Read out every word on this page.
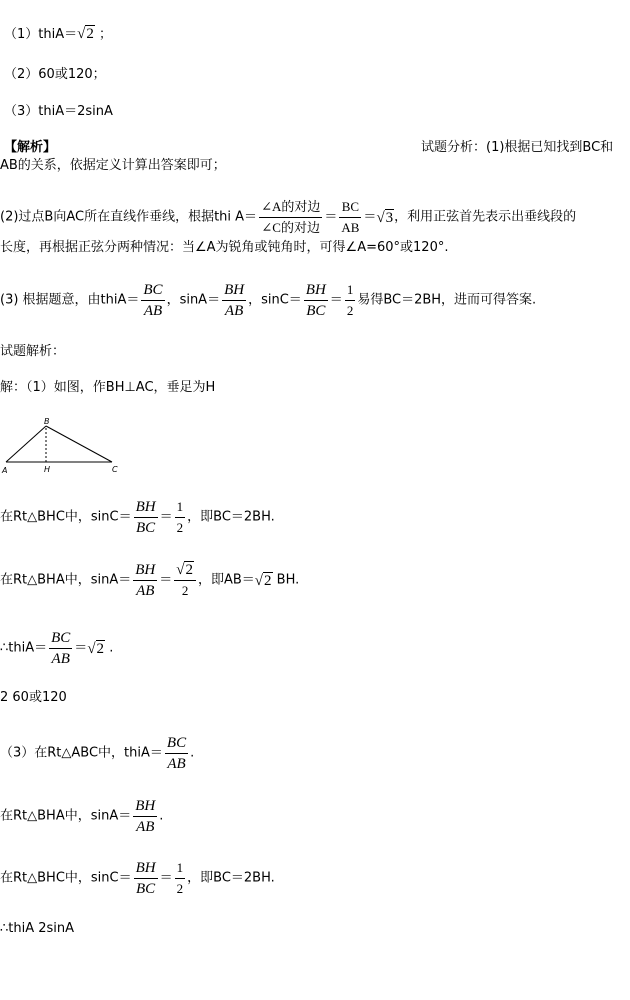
（1）thiA＝√2 ；
（2）60或120；
（3）thiA＝2sinA
【解析】	试题分析：(1)根据已知找到BC和
AB的关系，依据定义计算出答案即可；
(2)过点B向AC所在直线作垂线，根据thi $A= \frac{\text{∠A的对边}}{\text{∠C的对边}} = \frac{BC}{AB} =√3$，利用正弦首先表示出垂线段的
长度，再根据正弦分两种情况：当∠A为锐角或钝角时，可得∠A=60°或120°.
(3) 根据题意，由thiA＝ $\frac{BC}{AB}$ ，$\sin A= \frac{BH}{AB}$ ，$\sin C= \frac{BH}{BC} = \frac{1}{2}$ 易得BC＝2BH，进而可得答案.
试题解析：
解：（1）如图，作BH⊥AC，垂足为H
A
B
H	C
在Rt△BHC中，$\sin C= \frac{BH}{BC} = \frac{1}{2}$ ，即BC＝2BH.
在Rt△BHA中，$\sin A= \frac{BH}{AB} = \frac{√2}{2}$ ，即AB＝√2 BH.
∴thiA＝ $\frac{BC}{AB} =√2$ .
2 60或120
（3）在Rt△ABC中，thiA＝ $\frac{BC}{AB}$ .
在Rt△BHA中，$\sin A= \frac{BH}{AB}$ .
在Rt△BHC中，$\sin C= \frac{BH}{BC} = \frac{1}{2}$ ，即BC＝2BH.
∴thiA 2sinA
